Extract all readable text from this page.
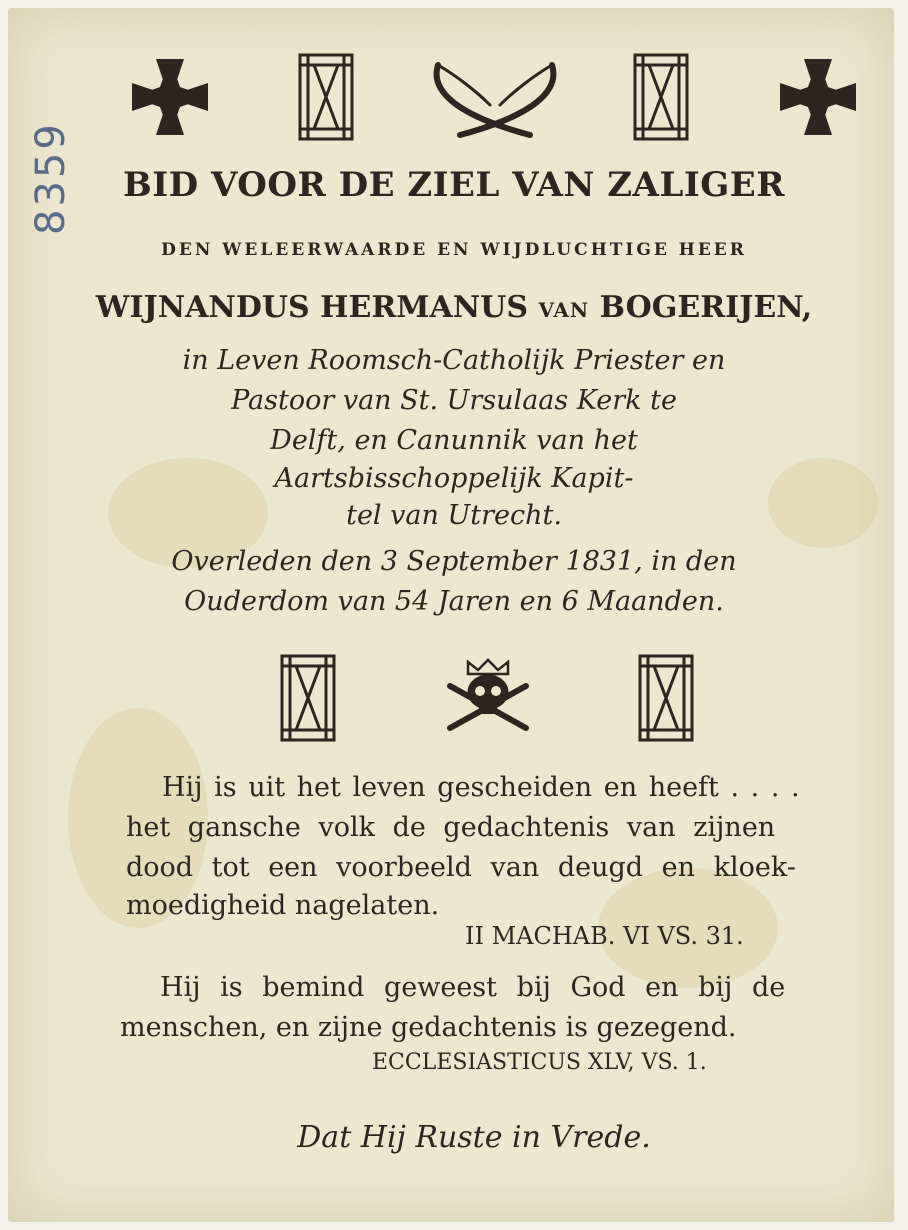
8359	BID VOOR DE ZIEL VAN ZALIGER
DEN WELEERWAARDE EN WIJDLUCHTIGE HEER
WIJNANDUS HERMANUS VAN BOGERIJEN,
in Leven Roomsch-Catholijk Priester en
Pastoor van St. Ursulaas Kerk te
Delft, en Canunnik van het
Aartsbisschoppelijk Kapit-
tel van Utrecht.
Overleden den 3 September 1831, in den
Ouderdom van 54 Jaren en 6 Maanden.
Hij is uit het leven gescheiden en heeft . . . .
het gansche volk de gedachtenis van zijnen
dood tot een voorbeeld van deugd en kloek-
moedigheid nagelaten.
II MACHAB. VI VS. 31.
Hij is bemind geweest bij God en bij de
menschen, en zijne gedachtenis is gezegend.
ECCLESIASTICUS XLV, VS. 1.
Dat Hij Ruste in Vrede.
